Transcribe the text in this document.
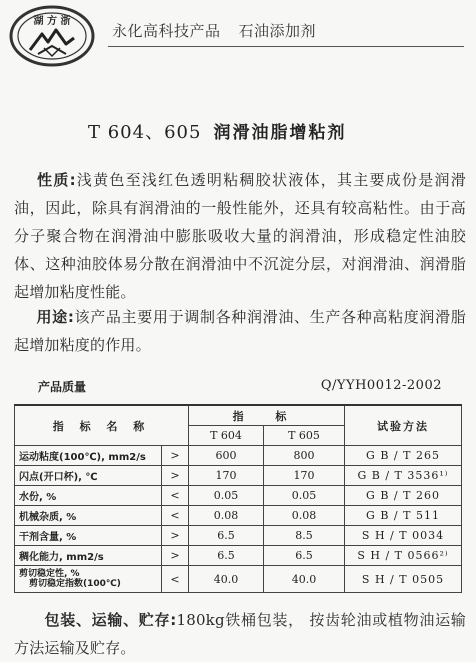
湖 方 浙
永化高科技产品 石油添加剂
T 604、605 润滑油脂增粘剂
性质:浅黄色至浅红色透明粘稠胶状液体，其主要成份是润滑油，因此，除具有润滑油的一般性能外，还具有较高粘性。由于高分子聚合物在润滑油中膨胀吸收大量的润滑油，形成稳定性油胶体、这种油胶体易分散在润滑油中不沉淀分层，对润滑油、润滑脂起增加粘度性能。
用途:该产品主要用于调制各种润滑油、生产各种高粘度润滑脂起增加粘度的作用。
产品质量	Q/YYH0012-2002
指 标 名 称		指 标		试验方法
		T 604	T 605	
运动粘度(100℃), mm2/s	>	600	800	G B / T 265
闪点(开口杯), ℃	>	170	170	G B / T 3536¹⁾
水份, %	<	0.05	0.05	G B / T 260
机械杂质, %	<	0.08	0.08	G B / T 511
干剂含量, %	>	6.5	8.5	S H / T 0034
稠化能力, mm2/s	>	6.5	6.5	S H / T 0566²⁾

剪切稳定性, %
剪切稳定指数(100℃)	<	40.0	40.0	S H / T 0505
包装、运输、贮存:180kg铁桶包装， 按齿轮油或植物油运输方法运输及贮存。
